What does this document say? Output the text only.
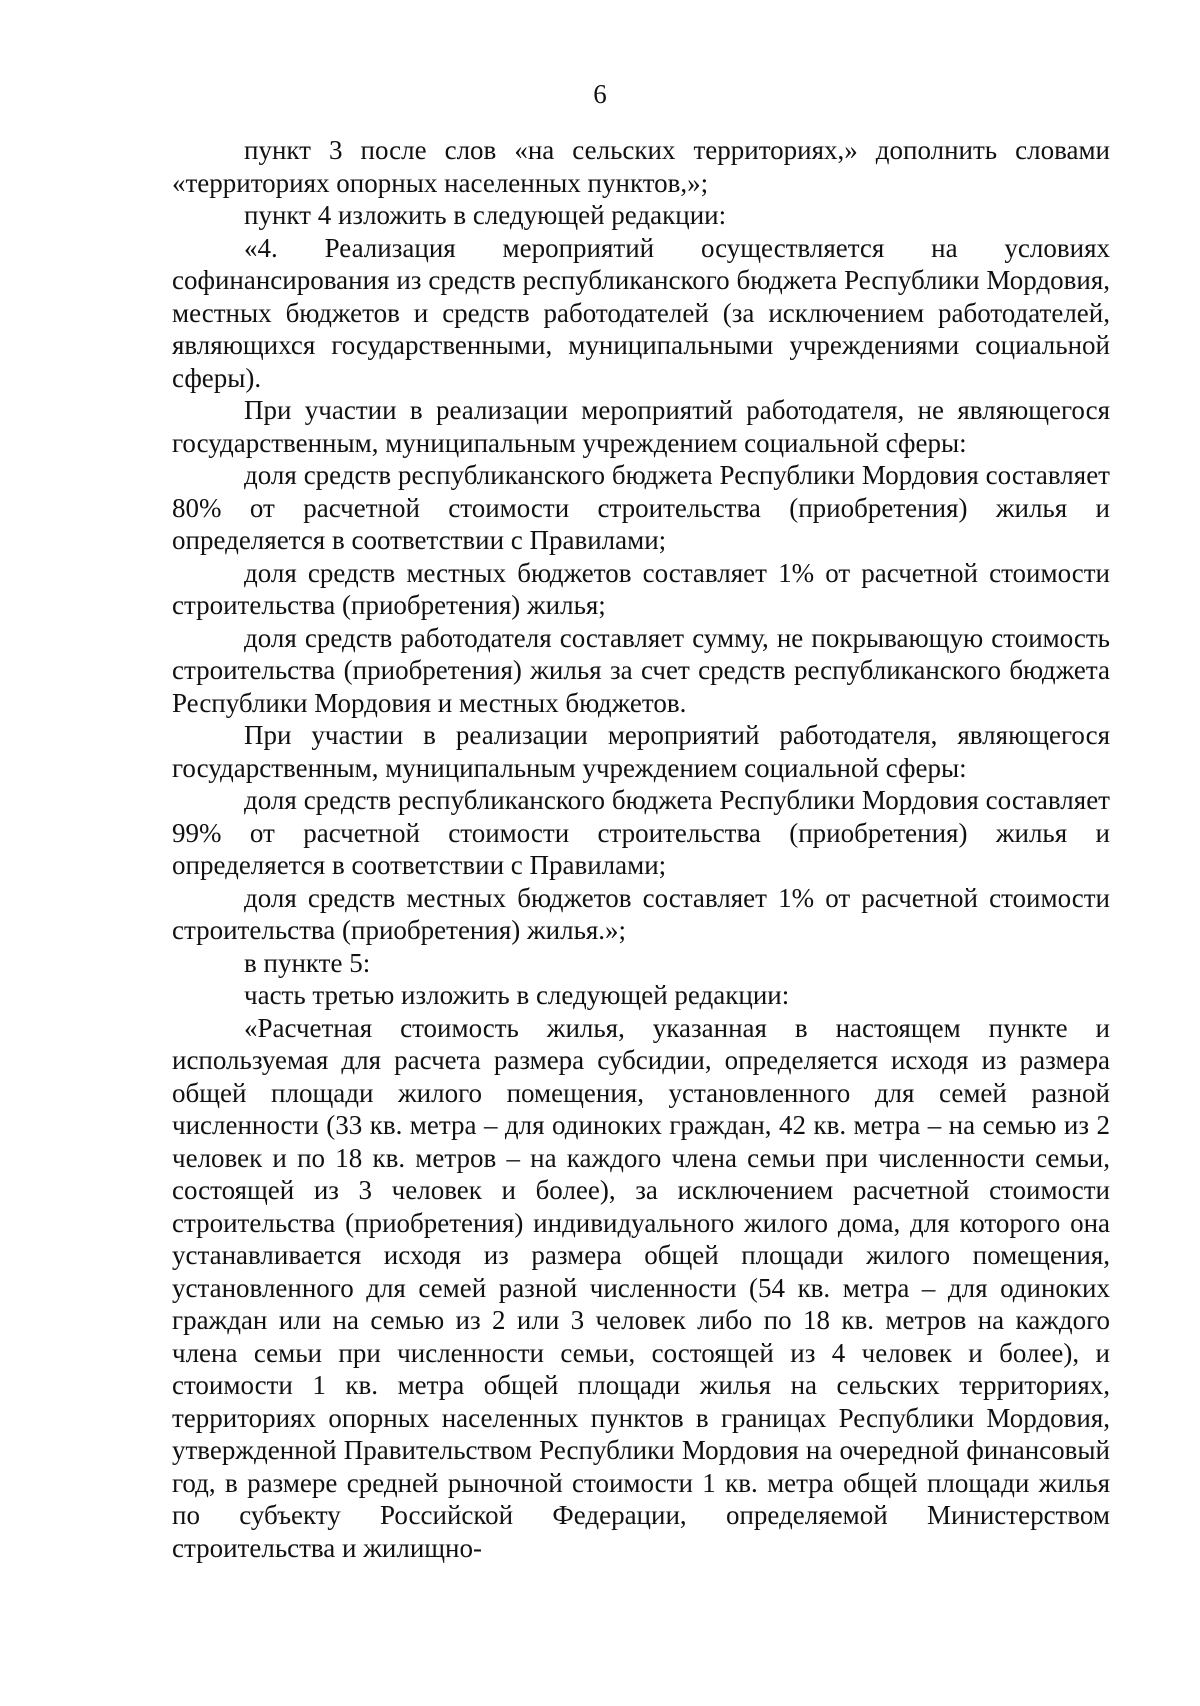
6

пункт 3 после слов «на сельских территориях,» дополнить словами «территориях опорных населенных пунктов,»;

пункт 4 изложить в следующей редакции:

«4. Реализация мероприятий осуществляется на условиях софинансирования из средств республиканского бюджета Республики Мордовия, местных бюджетов и средств работодателей (за исключением работодателей, являющихся государственными, муниципальными учреждениями социальной сферы).

При участии в реализации мероприятий работодателя, не являющегося государственным, муниципальным учреждением социальной сферы:

доля средств республиканского бюджета Республики Мордовия составляет 80% от расчетной стоимости строительства (приобретения) жилья и определяется в соответствии с Правилами;

доля средств местных бюджетов составляет 1% от расчетной стоимости строительства (приобретения) жилья;

доля средств работодателя составляет сумму, не покрывающую стоимость строительства (приобретения) жилья за счет средств республиканского бюджета Республики Мордовия и местных бюджетов.

При участии в реализации мероприятий работодателя, являющегося государственным, муниципальным учреждением социальной сферы:

доля средств республиканского бюджета Республики Мордовия составляет 99% от расчетной стоимости строительства (приобретения) жилья и определяется в соответствии с Правилами;

доля средств местных бюджетов составляет 1% от расчетной стоимости строительства (приобретения) жилья.»;

в пункте 5:

часть третью изложить в следующей редакции:

«Расчетная стоимость жилья, указанная в настоящем пункте и используемая для расчета размера субсидии, определяется исходя из размера общей площади жилого помещения, установленного для семей разной численности (33 кв. метра – для одиноких граждан, 42 кв. метра – на семью из 2 человек и по 18 кв. метров – на каждого члена семьи при численности семьи, состоящей из 3 человек и более), за исключением расчетной стоимости строительства (приобретения) индивидуального жилого дома, для которого она устанавливается исходя из размера общей площади жилого помещения, установленного для семей разной численности (54 кв. метра – для одиноких граждан или на семью из 2 или 3 человек либо по 18 кв. метров на каждого члена семьи при численности семьи, состоящей из 4 человек и более), и стоимости 1 кв. метра общей площади жилья на сельских территориях, территориях опорных населенных пунктов в границах Республики Мордовия, утвержденной Правительством Республики Мордовия на очередной финансовый год, в размере средней рыночной стоимости 1 кв. метра общей площади жилья по субъекту Российской Федерации, определяемой Министерством строительства и жилищно-
